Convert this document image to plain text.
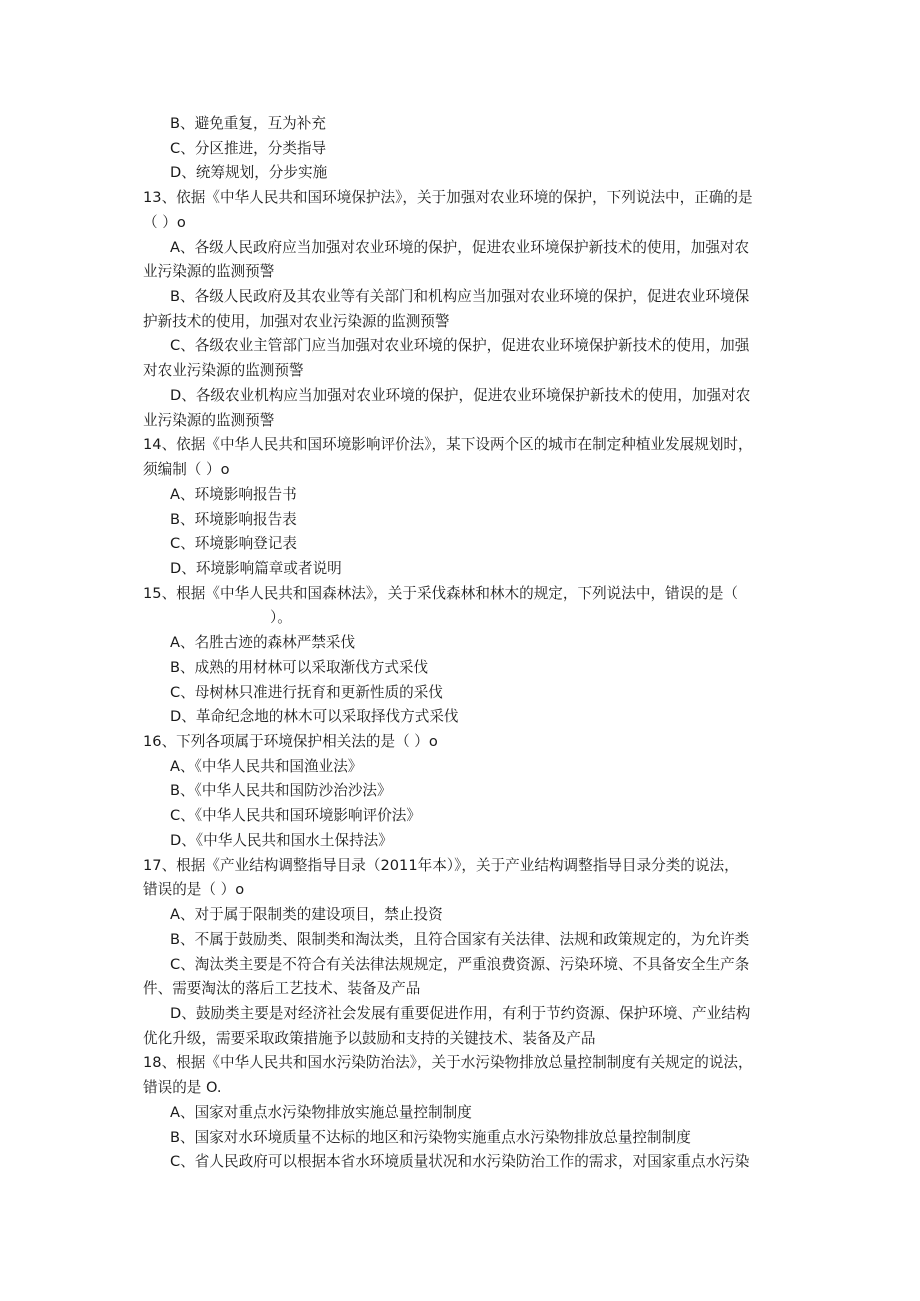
B、避免重复，互为补充
C、分区推进，分类指导
D、统筹规划，分步实施
13、依据《中华人民共和国环境保护法》，关于加强对农业环境的保护，下列说法中，正确的是
（ ）o
A、各级人民政府应当加强对农业环境的保护，促进农业环境保护新技术的使用，加强对农
业污染源的监测预警
B、各级人民政府及其农业等有关部门和机构应当加强对农业环境的保护，促进农业环境保
护新技术的使用，加强对农业污染源的监测预警
C、各级农业主管部门应当加强对农业环境的保护，促进农业环境保护新技术的使用，加强
对农业污染源的监测预警
D、各级农业机构应当加强对农业环境的保护，促进农业环境保护新技术的使用，加强对农
业污染源的监测预警
14、依据《中华人民共和国环境影响评价法》，某下设两个区的城市在制定种植业发展规划时，
须编制（ ）o
A、环境影响报告书
B、环境影响报告表
C、环境影响登记表
D、环境影响篇章或者说明
15、根据《中华人民共和国森林法》，关于采伐森林和林木的规定，下列说法中，错误的是（
）。
A、名胜古迹的森林严禁采伐
B、成熟的用材林可以采取渐伐方式采伐
C、母树林只准进行抚育和更新性质的采伐
D、革命纪念地的林木可以采取择伐方式采伐
16、下列各项属于环境保护相关法的是（ ）o
A、《中华人民共和国渔业法》
B、《中华人民共和国防沙治沙法》
C、《中华人民共和国环境影响评价法》
D、《中华人民共和国水土保持法》
17、根据《产业结构调整指导目录（2011年本）》，关于产业结构调整指导目录分类的说法，
错误的是（ ）o
A、对于属于限制类的建设项目，禁止投资
B、不属于鼓励类、限制类和淘汰类，且符合国家有关法律、法规和政策规定的，为允许类
C、淘汰类主要是不符合有关法律法规规定，严重浪费资源、污染环境、不具备安全生产条
件、需要淘汰的落后工艺技术、装备及产品
D、鼓励类主要是对经济社会发展有重要促进作用，有利于节约资源、保护环境、产业结构
优化升级，需要采取政策措施予以鼓励和支持的关键技术、装备及产品
18、根据《中华人民共和国水污染防治法》，关于水污染物排放总量控制制度有关规定的说法，
错误的是 O.
A、国家对重点水污染物排放实施总量控制制度
B、国家对水环境质量不达标的地区和污染物实施重点水污染物排放总量控制制度
C、省人民政府可以根据本省水环境质量状况和水污染防治工作的需求，对国家重点水污染
